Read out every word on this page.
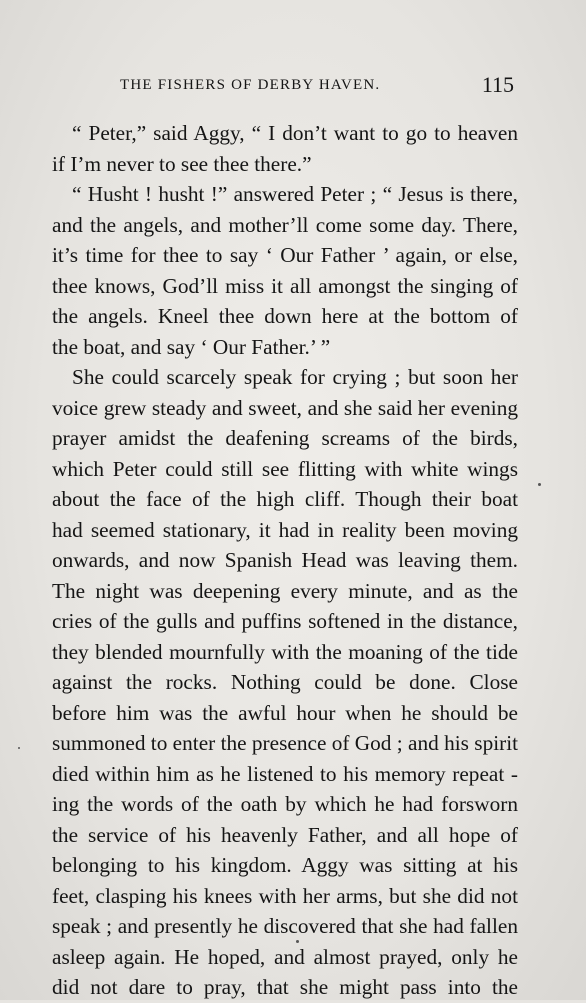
THE FISHERS OF DERBY HAVEN.	115
“ Peter,” said Aggy, “ I don’t want to go to heaven
if I’m never to see thee there.”
“ Husht ! husht !” answered Peter ; “ Jesus is there,
and the angels, and mother’ll come some day. There,
it’s time for thee to say ‘ Our Father ’ again, or else,
thee knows, God’ll miss it all amongst the singing of
the angels. Kneel thee down here at the bottom of
the boat, and say ‘ Our Father.’ ”
She could scarcely speak for crying ; but soon her
voice grew steady and sweet, and she said her evening
prayer amidst the deafening screams of the birds,
which Peter could still see flitting with white wings
about the face of the high cliff. Though their boat
had seemed stationary, it had in reality been moving
onwards, and now Spanish Head was leaving them.
The night was deepening every minute, and as the
cries of the gulls and puffins softened in the distance,
they blended mournfully with the moaning of the tide
against the rocks. Nothing could be done. Close
before him was the awful hour when he should be
summoned to enter the presence of God ; and his spirit
died within him as he listened to his memory repeat -
ing the words of the oath by which he had forsworn
the service of his heavenly Father, and all hope of
belonging to his kingdom. Aggy was sitting at his
feet, clasping his knees with her arms, but she did not
speak ; and presently he discovered that she had fallen
asleep again. He hoped, and almost prayed, only he
did not dare to pray, that she might pass into the
